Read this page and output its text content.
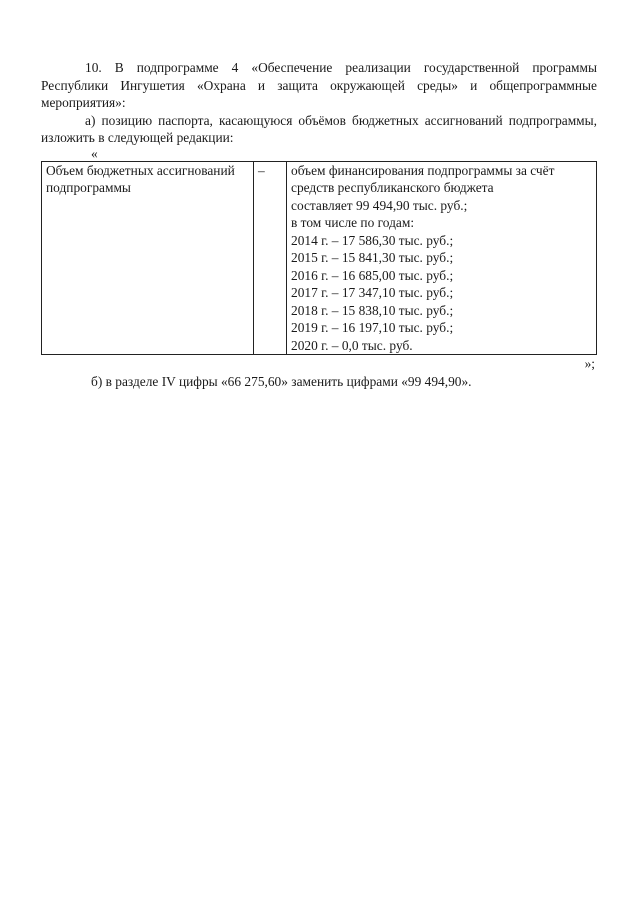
10. В подпрограмме 4 «Обеспечение реализации государственной программы Республики Ингушетия «Охрана и защита окружающей среды» и общепрограммные мероприятия»:

а) позицию паспорта, касающуюся объёмов бюджетных ассигнований подпрограммы, изложить в следующей редакции:

«

Объем бюджетных ассигнований подпрограммы	–	объем финансирования подпрограммы за счёт
средств республиканского бюджета
составляет 99 494,90 тыс. руб.;
в том числе по годам:
2014 г. – 17 586,30 тыс. руб.;
2015 г. – 15 841,30 тыс. руб.;
2016 г. – 16 685,00 тыс. руб.;
2017 г. – 17 347,10 тыс. руб.;
2018 г. – 15 838,10 тыс. руб.;
2019 г. – 16 197,10 тыс. руб.;
2020 г. – 0,0 тыс. руб.

»;

б) в разделе IV цифры «66 275,60» заменить цифрами «99 494,90».
